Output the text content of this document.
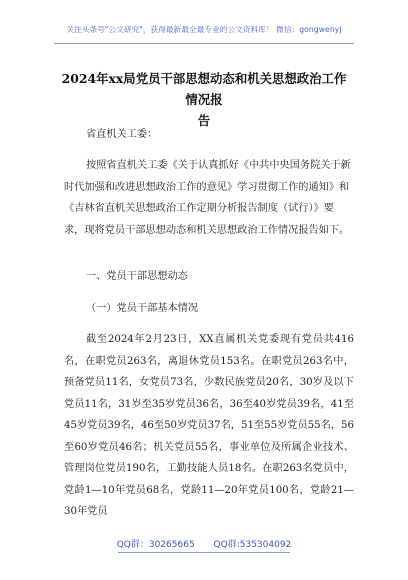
关注头条号"公文研究"，获得最新最全最专业的公文资料库！ 微信：gongwenyj
2024年xx局党员干部思想动态和机关思想政治工作情况报
告
省直机关工委：
按照省直机关工委《关于认真抓好《中共中央国务院关于新时代加强和改进思想政治工作的意见》学习贯彻工作的通知》和《吉林省直机关思想政治工作定期分析报告制度（试行）》要求，现将党员干部思想动态和机关思想政治工作情况报告如下。
一、党员干部思想动态
（一）党员干部基本情况
截至2024年2月23日，XX直属机关党委现有党员共416名，在职党员263名，离退休党员153名。在职党员263名中，预备党员11名，女党员73名，少数民族党员20名，30岁及以下党员11名，31岁至35岁党员36名，36至40岁党员39名，41至45岁党员39名，46至50岁党员37名，51至55岁党员55名，56至60岁党员46名；机关党员55名，事业单位及所属企业技术、管理岗位党员190名，工勤技能人员18名。在职263名党员中，党龄1—10年党员68名，党龄11—20年党员100名，党龄21—30年党员
QQ群：30265665 QQ群:535304092
